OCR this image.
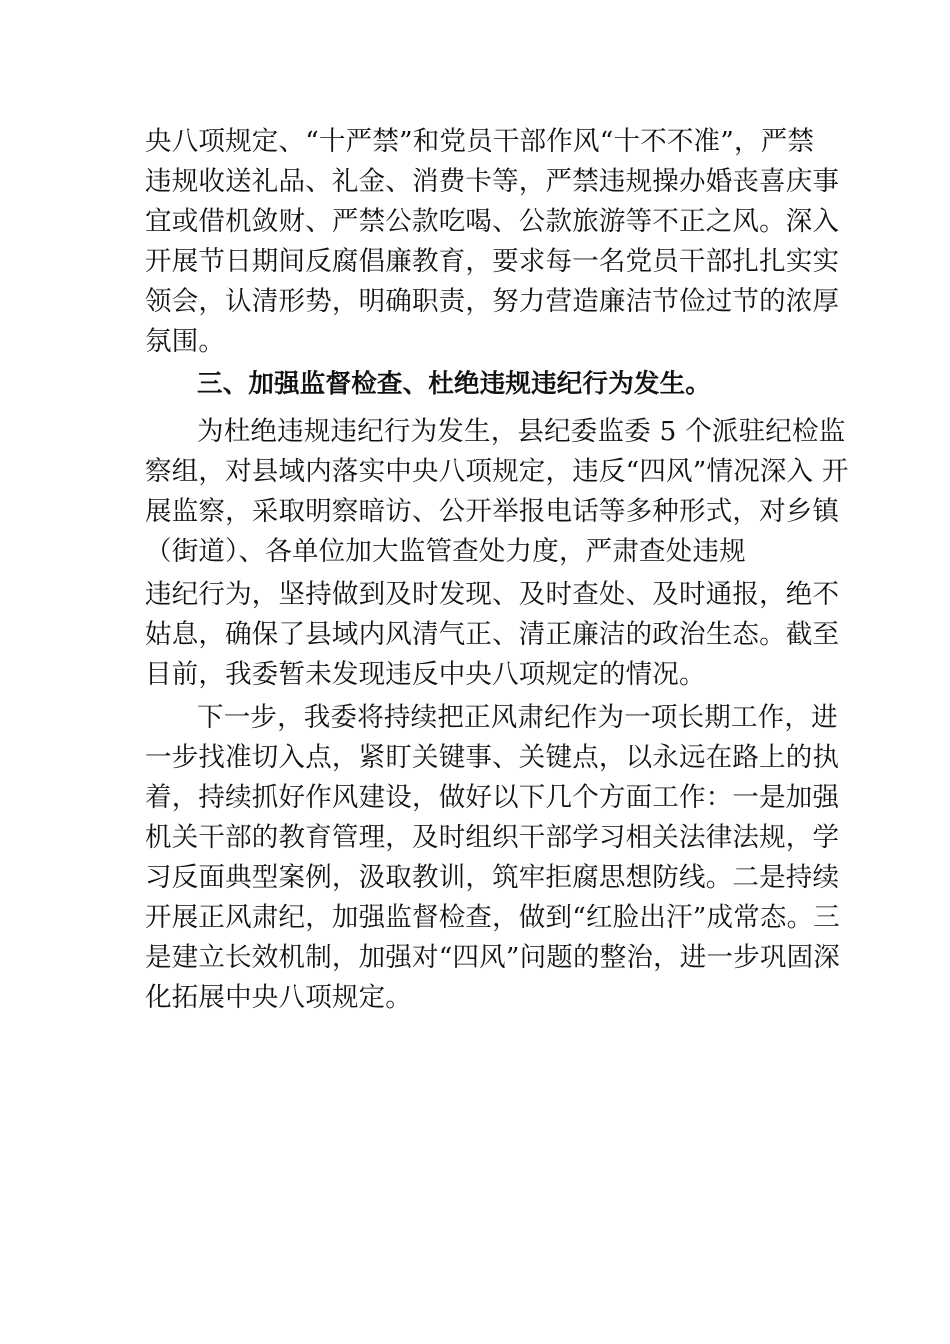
央八项规定、“十严禁”和党员干部作风“十不不准”，严禁
违规收送礼品、礼金、消费卡等，严禁违规操办婚丧喜庆事
宜或借机敛财、严禁公款吃喝、公款旅游等不正之风。深入
开展节日期间反腐倡廉教育，要求每一名党员干部扎扎实实
领会，认清形势，明确职责，努力营造廉洁节俭过节的浓厚
氛围。
三、加强监督检查、杜绝违规违纪行为发生。
为杜绝违规违纪行为发生，县纪委监委 5 个派驻纪检监
察组，对县域内落实中央八项规定，违反“四风”情况深入 开
展监察，采取明察暗访、公开举报电话等多种形式，对乡镇
（街道）、各单位加大监管查处力度，严肃查处违规
违纪行为，坚持做到及时发现、及时查处、及时通报，绝不
姑息，确保了县域内风清气正、清正廉洁的政治生态。截至
目前，我委暂未发现违反中央八项规定的情况。
下一步，我委将持续把正风肃纪作为一项长期工作，进
一步找准切入点，紧盯关键事、关键点，以永远在路上的执
着，持续抓好作风建设，做好以下几个方面工作：一是加强
机关干部的教育管理，及时组织干部学习相关法律法规，学
习反面典型案例，汲取教训，筑牢拒腐思想防线。二是持续
开展正风肃纪，加强监督检查，做到“红脸出汗”成常态。三
是建立长效机制，加强对“四风”问题的整治，进一步巩固深
化拓展中央八项规定。
